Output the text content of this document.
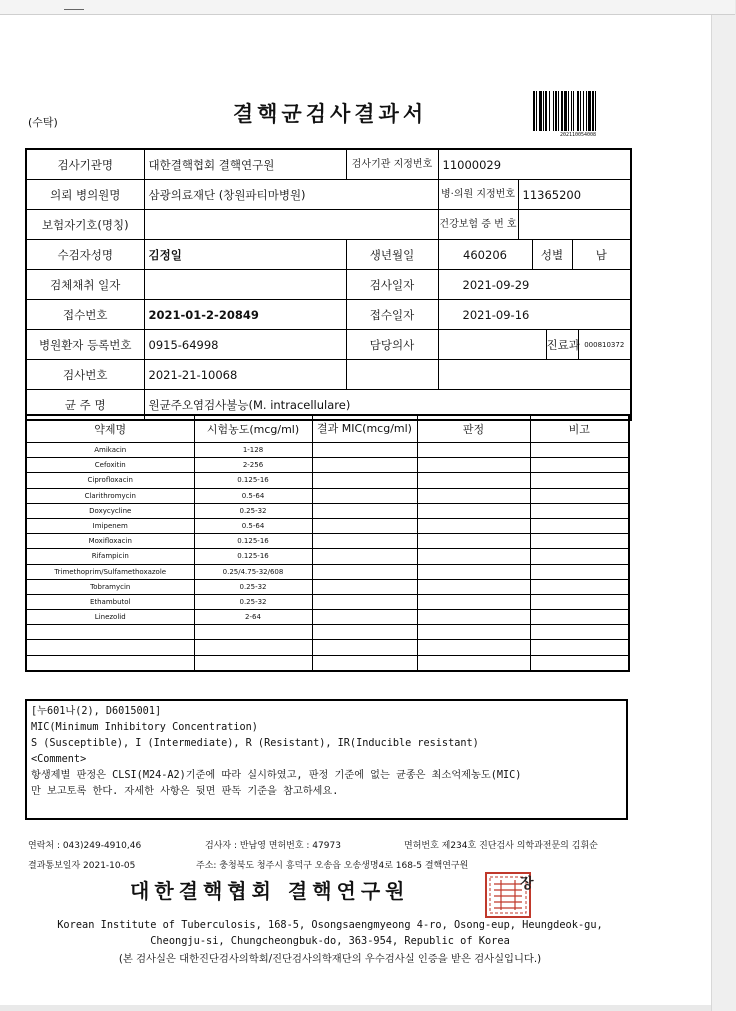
(수탁)	결핵균검사결과서
202110054008
검사기관명	대한결핵협회 결핵연구원	검사기관 지정번호	11000029					
의뢰 병의원명	삼광의료재단 (창원파티마병원)		병·의원 지정번호	11365200				
보험자기호(명칭)			건강보험 증 번 호					
수검자성명	김정일	생년월일	460206		성별		남	
검체채취 일자		검사일자	2021-09-29					
접수번호	2021-01-2-20849	접수일자	2021-09-16					
병원환자 등록번호	0915-64998	담당의사				진료과		000810372
검사번호	2021-21-10068							
균 주 명	원균주오염검사불능(M. intracellulare)							
약제명	시험농도(mcg/ml)	결과 MIC(mcg/ml)	판정	비고
Amikacin	1-128			
Cefoxitin	2-256			
Ciprofloxacin	0.125-16			
Clarithromycin	0.5-64			
Doxycycline	0.25-32			
Imipenem	0.5-64			
Moxifloxacin	0.125-16			
Rifampicin	0.125-16			
Trimethoprim/Sulfamethoxazole	0.25/4.75-32/608			
Tobramycin	0.25-32			
Ethambutol	0.25-32			
Linezolid	2-64			

[누601나(2), D6015001]
MIC(Minimum Inhibitory Concentration)
S (Susceptible), I (Intermediate), R (Resistant), IR(Inducible resistant)
<Comment>
항생제별 판정은 CLSI(M24-A2)기준에 따라 실시하였고, 판정 기준에 없는 균종은 최소억제농도(MIC)
만 보고토록 한다. 자세한 사항은 뒷면 판독 기준을 참고하세요.
연락처 : 043)249-4910,46	검사자 : 반남영 면허번호 : 47973	면허번호 제234호 진단검사 의학과전문의 김휘순
결과통보일자 2021-10-05	주소: 충청북도 청주시 흥덕구 오송읍 오송생명4로 168-5 결핵연구원
대한결핵협회 결핵연구원	장
Korean Institute of Tuberculosis, 168-5, Osongsaengmyeong 4-ro, Osong-eup, Heungdeok-gu,
Cheongju-si, Chungcheongbuk-do, 363-954, Republic of Korea
(본 검사실은 대한진단검사의학회/진단검사의학재단의 우수검사실 인증을 받은 검사실입니다.)
